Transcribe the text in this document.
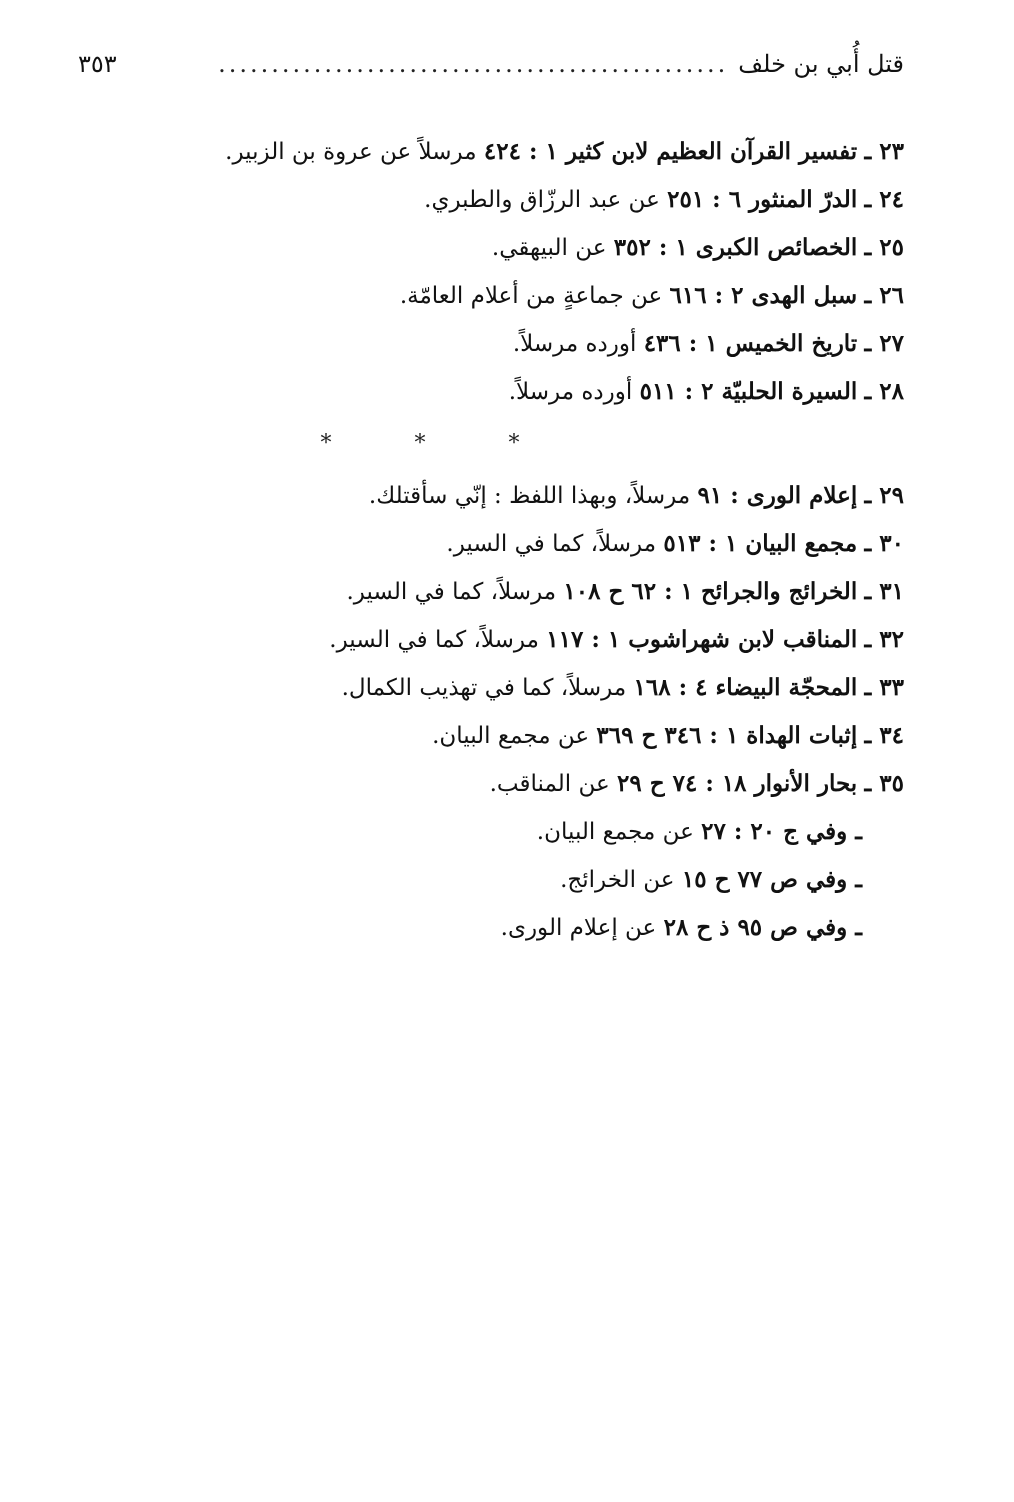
قتل أُبي بن خلف
................................................
٣٥٣
٢٣ ـ تفسير القرآن العظيم لابن كثير ١ : ٤٢٤ مرسلاً عن عروة بن الزبير.
٢٤ ـ الدرّ المنثور ٦ : ٢٥١ عن عبد الرزّاق والطبري.
٢٥ ـ الخصائص الكبرى ١ : ٣٥٢ عن البيهقي.
٢٦ ـ سبل الهدى ٢ : ٦١٦ عن جماعةٍ من أعلام العامّة.
٢٧ ـ تاريخ الخميس ١ : ٤٣٦ أورده مرسلاً.
٢٨ ـ السيرة الحلبيّة ٢ : ٥١١ أورده مرسلاً.
* * *
٢٩ ـ إعلام الورى : ٩١ مرسلاً، وبهذا اللفظ : إنّي سأقتلك.
٣٠ ـ مجمع البيان ١ : ٥١٣ مرسلاً، كما في السير.
٣١ ـ الخرائج والجرائح ١ : ٦٢ ح ١٠٨ مرسلاً، كما في السير.
٣٢ ـ المناقب لابن شهراشوب ١ : ١١٧ مرسلاً، كما في السير.
٣٣ ـ المحجّة البيضاء ٤ : ١٦٨ مرسلاً، كما في تهذيب الكمال.
٣٤ ـ إثبات الهداة ١ : ٣٤٦ ح ٣٦٩ عن مجمع البيان.
٣٥ ـ بحار الأنوار ١٨ : ٧٤ ح ٢٩ عن المناقب.
ـ وفي ج ٢٠ : ٢٧ عن مجمع البيان.
ـ وفي ص ٧٧ ح ١٥ عن الخرائج.
ـ وفي ص ٩٥ ذ ح ٢٨ عن إعلام الورى.
